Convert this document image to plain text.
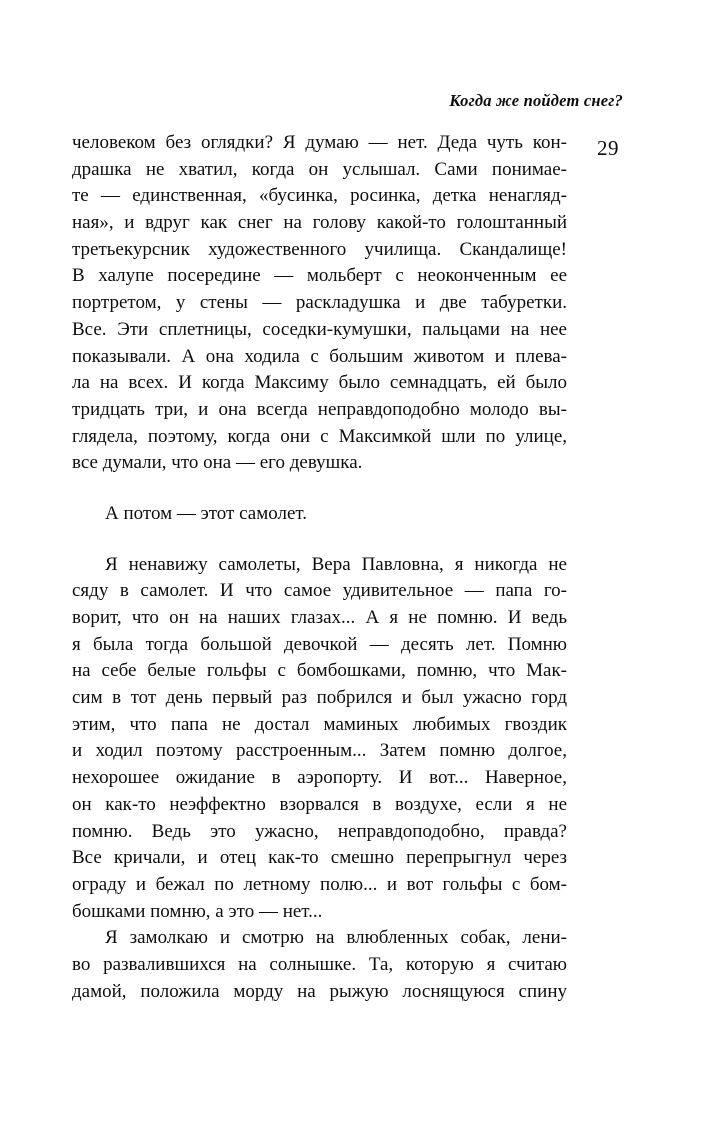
Когда же пойдет снег?
29
человеком без оглядки? Я думаю — нет. Деда чуть кон-
драшка не хватил, когда он услышал. Сами понимае-
те — единственная, «бусинка, росинка, детка ненагляд-
ная», и вдруг как снег на голову какой-то голоштанный
третьекурсник художественного училища. Скандалище!
В халупе посередине — мольберт с неоконченным ее
портретом, у стены — раскладушка и две табуретки.
Все. Эти сплетницы, соседки-кумушки, пальцами на нее
показывали. А она ходила с большим животом и плева-
ла на всех. И когда Максиму было семнадцать, ей было
тридцать три, и она всегда неправдоподобно молодо вы-
глядела, поэтому, когда они с Максимкой шли по улице,
все думали, что она — его девушка.
А потом — этот самолет.
Я ненавижу самолеты, Вера Павловна, я никогда не
сяду в самолет. И что самое удивительное — папа го-
ворит, что он на наших глазах... А я не помню. И ведь
я была тогда большой девочкой — десять лет. Помню
на себе белые гольфы с бомбошками, помню, что Мак-
сим в тот день первый раз побрился и был ужасно горд
этим, что папа не достал маминых любимых гвоздик
и ходил поэтому расстроенным... Затем помню долгое,
нехорошее ожидание в аэропорту. И вот... Наверное,
он как-то неэффектно взорвался в воздухе, если я не
помню. Ведь это ужасно, неправдоподобно, правда?
Все кричали, и отец как-то смешно перепрыгнул через
ограду и бежал по летному полю... и вот гольфы с бом-
бошками помню, а это — нет...
Я замолкаю и смотрю на влюбленных собак, лени-
во развалившихся на солнышке. Та, которую я считаю
дамой, положила морду на рыжую лоснящуюся спину
